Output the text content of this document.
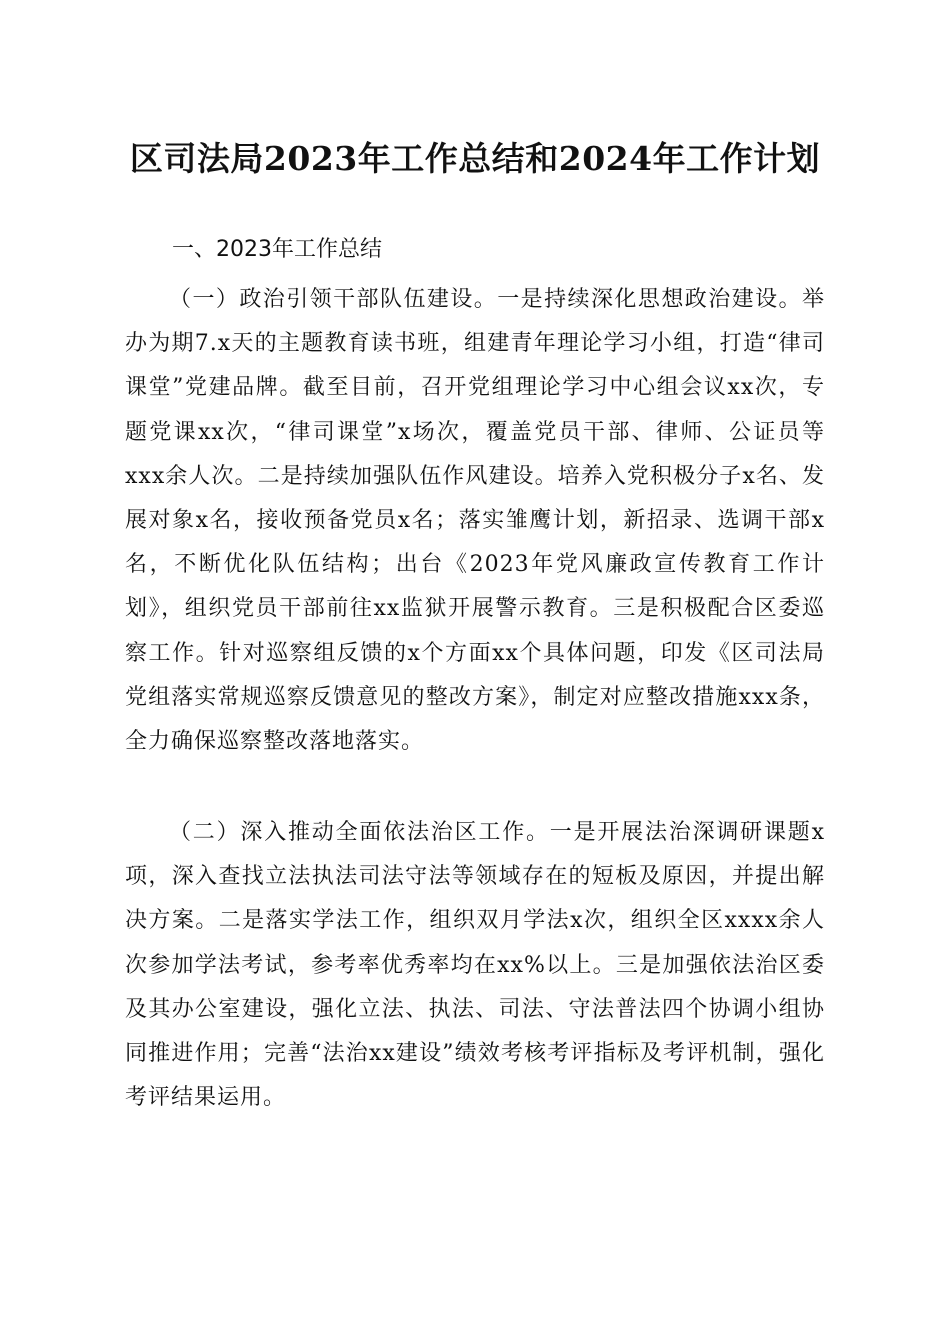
区司法局2023年工作总结和2024年工作计划
一、2023年工作总结

（一）政治引领干部队伍建设。一是持续深化思想政治建设。举办为期7.x天的主题教育读书班，组建青年理论学习小组，打造“律司课堂”党建品牌。截至目前，召开党组理论学习中心组会议xx次，专题党课xx次，“律司课堂”x场次，覆盖党员干部、律师、公证员等xxx余人次。二是持续加强队伍作风建设。培养入党积极分子x名、发展对象x名，接收预备党员x名；落实雏鹰计划，新招录、选调干部x名，不断优化队伍结构；出台《2023年党风廉政宣传教育工作计划》，组织党员干部前往xx监狱开展警示教育。三是积极配合区委巡察工作。针对巡察组反馈的x个方面xx个具体问题，印发《区司法局党组落实常规巡察反馈意见的整改方案》，制定对应整改措施xxx条，全力确保巡察整改落地落实。

（二）深入推动全面依法治区工作。一是开展法治深调研课题x项，深入查找立法执法司法守法等领域存在的短板及原因，并提出解决方案。二是落实学法工作，组织双月学法x次，组织全区xxxx余人次参加学法考试，参考率优秀率均在xx%以上。三是加强依法治区委及其办公室建设，强化立法、执法、司法、守法普法四个协调小组协同推进作用；完善“法治xx建设”绩效考核考评指标及考评机制，强化考评结果运用。
